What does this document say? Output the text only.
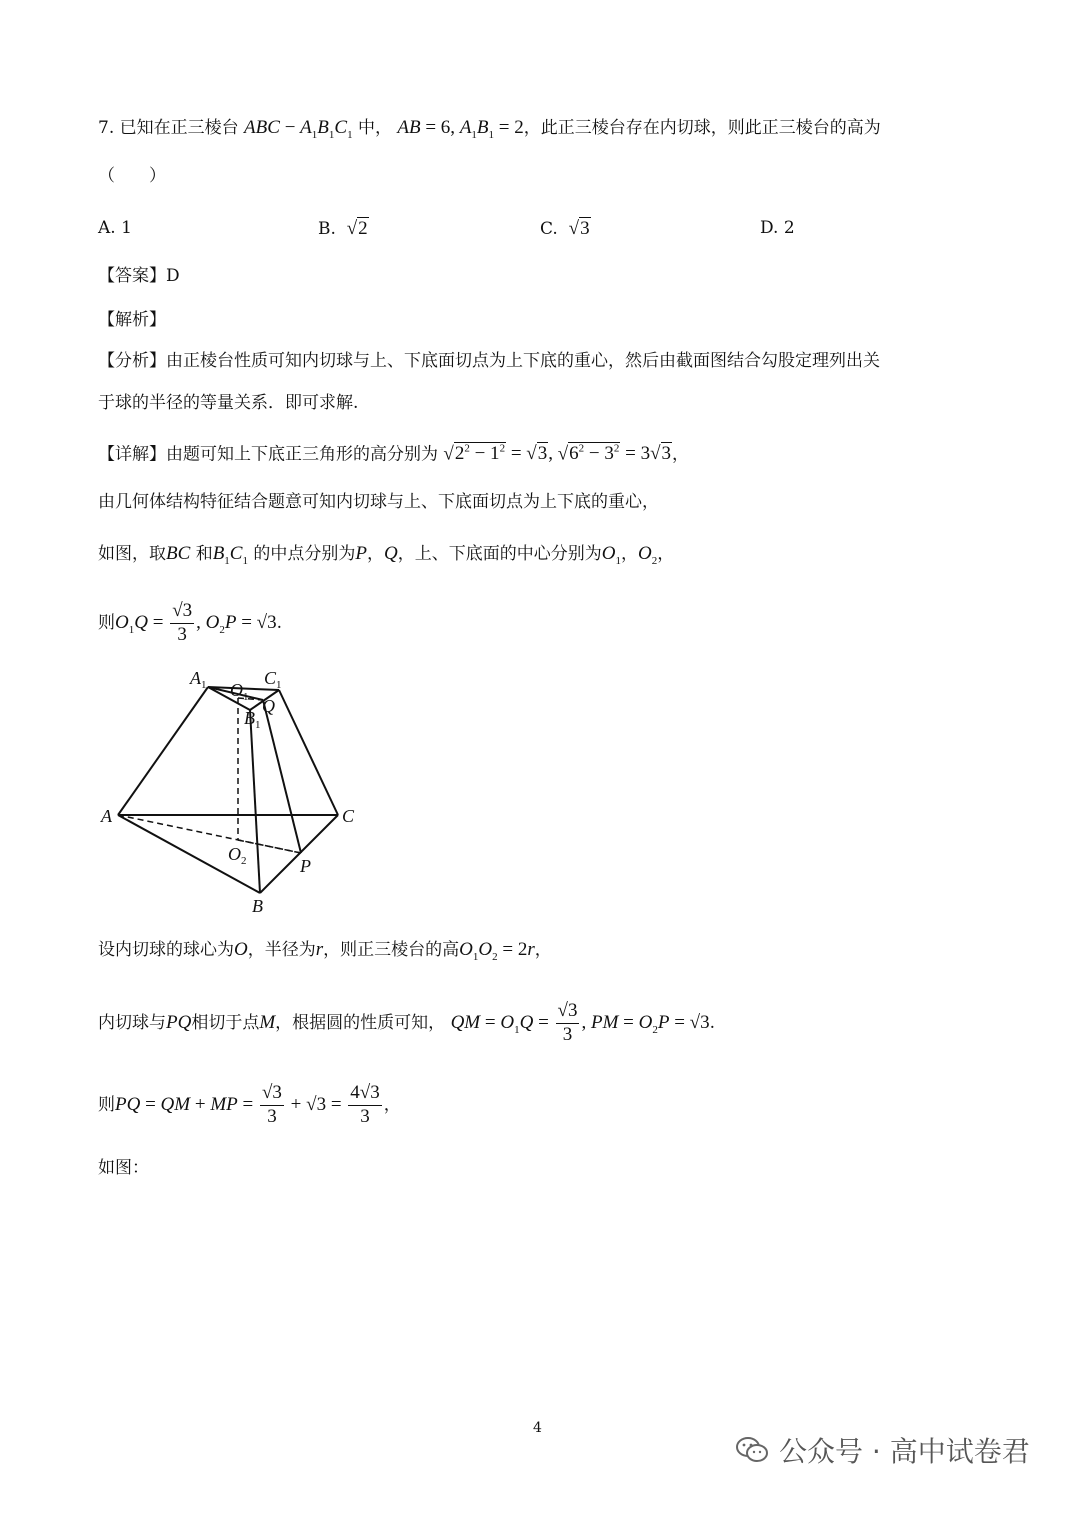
7. 已知在正三棱台 ABC − $A_1B_1C_1$ 中， AB = 6, $A_1B_1 = 2$，此正三棱台存在内切球，则此正三棱台的高为
（　　）
A. 1	B. √2	C. √3	D. 2
【答案】D
【解析】
【分析】由正棱台性质可知内切球与上、下底面切点为上下底的重心，然后由截面图结合勾股定理列出关
于球的半径的等量关系．即可求解.
【详解】由题可知上下底正三角形的高分别为 $√2^2 - 1^2 = √3$, $√6^2 - 3^2 = 3√3$，
由几何体结构特征结合题意可知内切球与上、下底面切点为上下底的重心，
如图，取BC 和$B_1C_1$ 的中点分别为P，Q，上、下底面的中心分别为$O_1$，$O_2$，
则$O_1Q = \frac{√3}{3}$ , $O_2P = √3$.
$A_1$ $O_1$
$C_1$
$B_1$
Q
A	C
$O_2$	P
B
设内切球的球心为O，半径为r，则正三棱台的高$O_1O_2 = 2r$，
内切球与PQ相切于点M，根据圆的性质可知， QM = $O_1Q = \frac{√3}{3}$ , PM = $O_2P = √3$.
则PQ = QM + MP = $\frac{√3}{3} + √3 = \frac{4√3}{3}$ ，
如图：
4
公众号 · 高中试卷君
